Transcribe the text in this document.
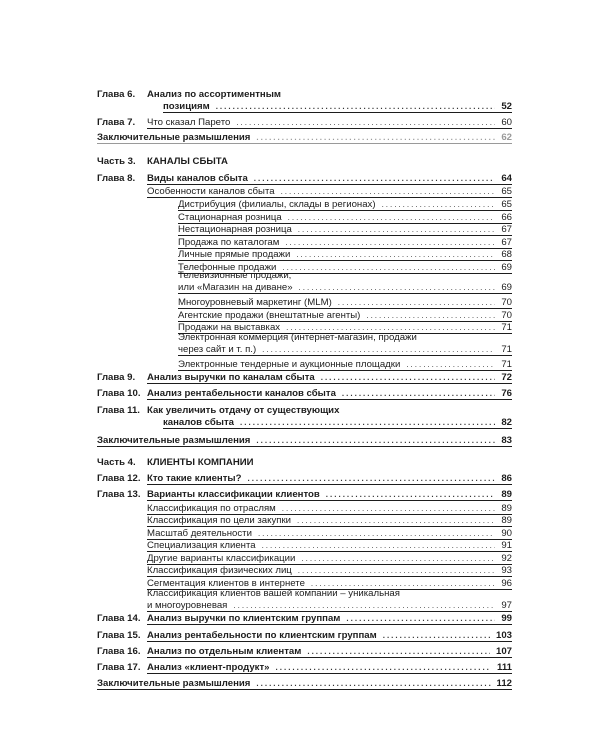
Глава 6. Анализ по ассортиментным
позициям	52
.....
Глава 7. Что сказал Парето	60
.....
Заключительные размышления	62
.....
Часть 3. КАНАЛЫ СБЫТА
Глава 8. Виды каналов сбыта	64
.....
Особенности каналов сбыта	65
.....
Дистрибуция (филиалы, склады в регионах)	65
.....
Стационарная розница	66
.....
Нестационарная розница	67
.....
Продажа по каталогам	67
.....
Личные прямые продажи	68
.....
Телефонные продажи	69
.....
Телевизионные продажи,
или «Магазин на диване»	69
.....
Многоуровневый маркетинг (MLM)	70
.....
Агентские продажи (внештатные агенты)	70
.....
Продажи на выставках	71
.....
Электронная коммерция (интернет-магазин, продажи
через сайт и т. п.)	71
.....
Электронные тендерные и аукционные площадки	71
.....
Глава 9. Анализ выручки по каналам сбыта	72
.....
Глава 10. Анализ рентабельности каналов сбыта	76
.....
Глава 11. Как увеличить отдачу от существующих
каналов сбыта	82
.....
Заключительные размышления	83
.....
Часть 4. КЛИЕНТЫ КОМПАНИИ
Глава 12. Кто такие клиенты?	86
.....
Глава 13. Варианты классификации клиентов	89
.....
Классификация по отраслям	89
.....
Классификация по цели закупки	89
.....
Масштаб деятельности	90
.....
Специализация клиента	91
.....
Другие варианты классификации	92
.....
Классификация физических лиц	93
.....
Сегментация клиентов в интернете	96
.....
Классификация клиентов вашей компании – уникальная
и многоуровневая	97
.....
Глава 14. Анализ выручки по клиентским группам	99
.....
Глава 15. Анализ рентабельности по клиентским группам	103
.....
Глава 16. Анализ по отдельным клиентам	107
.....
Глава 17. Анализ «клиент-продукт»	111
.....
Заключительные размышления	112
.....
